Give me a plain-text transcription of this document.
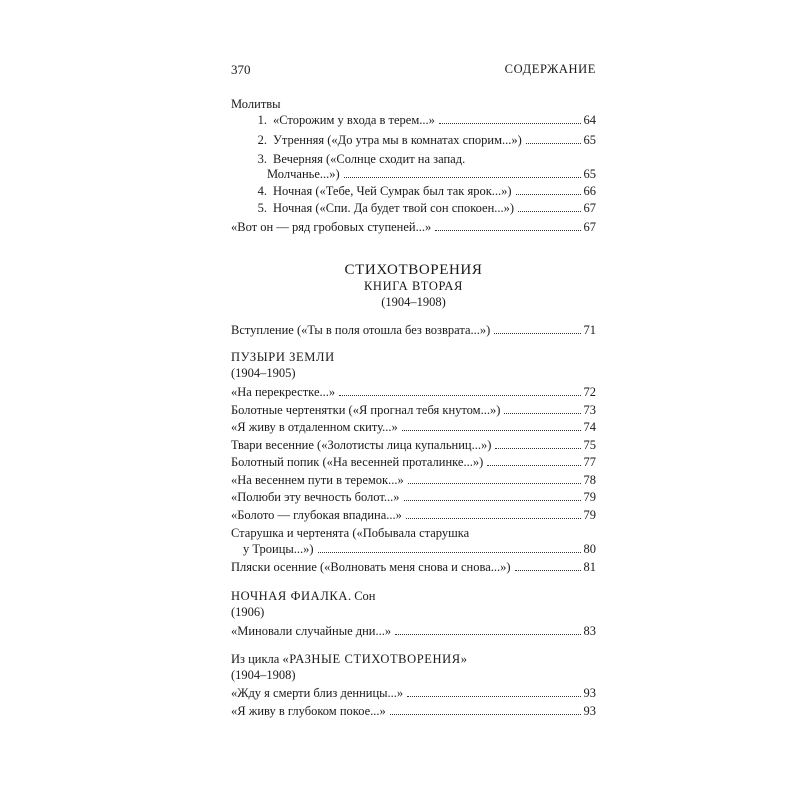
370	СОДЕРЖАНИЕ
Молитвы
1. «Сторожим у входа в терем...»	64
2. Утренняя («До утра мы в комнатах спорим...»)	65
3. Вечерняя («Солнце сходит на запад.
Молчанье...»)	65
4. Ночная («Тебе, Чей Сумрак был так ярок...»)	66
5. Ночная («Спи. Да будет твой сон спокоен...»)	67
«Вот он — ряд гробовых ступеней...»	67
СТИХОТВОРЕНИЯ
КНИГА ВТОРАЯ
(1904–1908)
Вступление («Ты в поля отошла без возврата...»)	71
ПУЗЫРИ ЗЕМЛИ
(1904–1905)
«На перекрестке...»	72
Болотные чертенятки («Я прогнал тебя кнутом...»)	73
«Я живу в отдаленном скиту...»	74
Твари весенние («Золотисты лица купальниц...»)	75
Болотный попик («На весенней проталинке...»)	77
«На весеннем пути в теремок...»	78
«Полюби эту вечность болот...»	79
«Болото — глубокая впадина...»	79
Старушка и чертенята («Побывала старушка
у Троицы...»)	80
Пляски осенние («Волновать меня снова и снова...»)	81
НОЧНАЯ ФИАЛКА. Сон
(1906)
«Миновали случайные дни...»	83
Из цикла «РАЗНЫЕ СТИХОТВОРЕНИЯ»
(1904–1908)
«Жду я смерти близ денницы...»	93
«Я живу в глубоком покое...»	93
